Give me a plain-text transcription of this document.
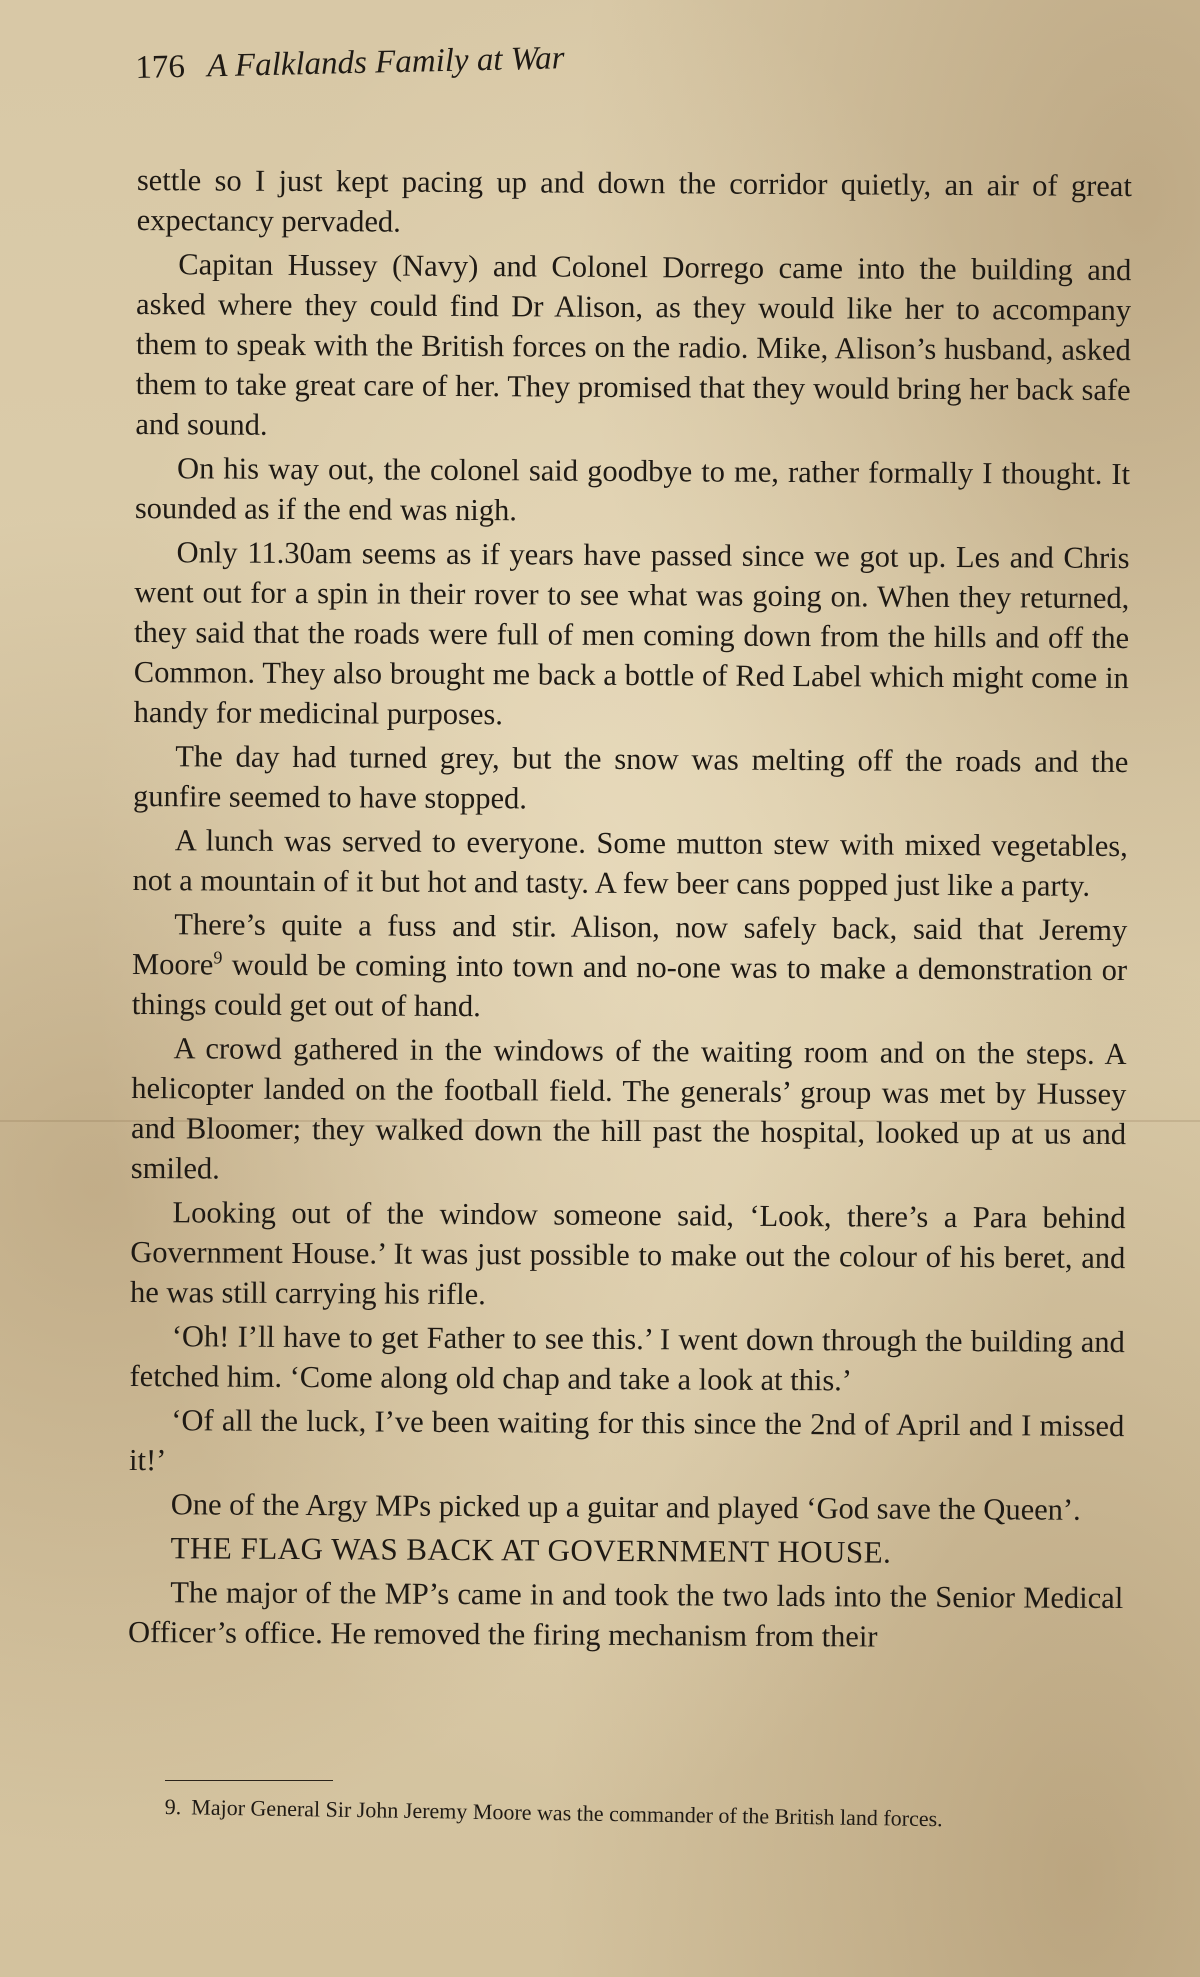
176 A Falklands Family at War

settle so I just kept pacing up and down the corridor quietly, an air of great expectancy pervaded.

Capitan Hussey (Navy) and Colonel Dorrego came into the building and asked where they could find Dr Alison, as they would like her to accompany them to speak with the British forces on the radio. Mike, Alison’s husband, asked them to take great care of her. They promised that they would bring her back safe and sound.

On his way out, the colonel said goodbye to me, rather formally I thought. It sounded as if the end was nigh.

Only 11.30am seems as if years have passed since we got up. Les and Chris went out for a spin in their rover to see what was going on. When they returned, they said that the roads were full of men coming down from the hills and off the Common. They also brought me back a bottle of Red Label which might come in handy for medicinal purposes.

The day had turned grey, but the snow was melting off the roads and the gunfire seemed to have stopped.

A lunch was served to everyone. Some mutton stew with mixed vegetables, not a mountain of it but hot and tasty. A few beer cans popped just like a party.

There’s quite a fuss and stir. Alison, now safely back, said that Jeremy Moore$^9$ would be coming into town and no-one was to make a demonstration or things could get out of hand.

A crowd gathered in the windows of the waiting room and on the steps. A helicopter landed on the football field. The generals’ group was met by Hussey and Bloomer; they walked down the hill past the hospital, looked up at us and smiled.

Looking out of the window someone said, ‘Look, there’s a Para behind Government House.’ It was just possible to make out the colour of his beret, and he was still carrying his rifle.

‘Oh! I’ll have to get Father to see this.’ I went down through the building and fetched him. ‘Come along old chap and take a look at this.’

‘Of all the luck, I’ve been waiting for this since the 2nd of April and I missed it!’

One of the Argy MPs picked up a guitar and played ‘God save the Queen’.

THE FLAG WAS BACK AT GOVERNMENT HOUSE.

The major of the MP’s came in and took the two lads into the Senior Medical Officer’s office. He removed the firing mechanism from their

9. Major General Sir John Jeremy Moore was the commander of the British land forces.
